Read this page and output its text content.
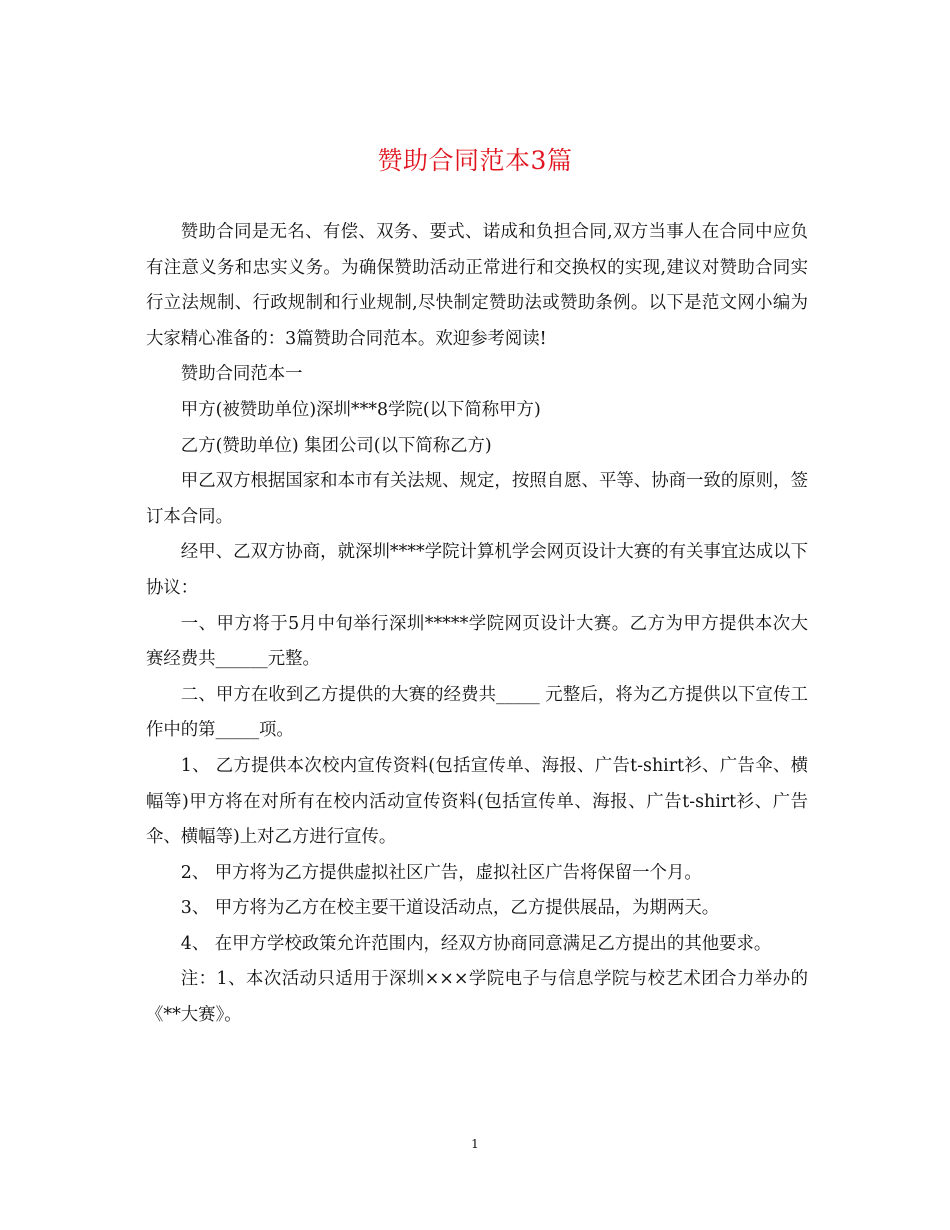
赞助合同范本3篇

赞助合同是无名、有偿、双务、要式、诺成和负担合同,双方当事人在合同中应负有注意义务和忠实义务。为确保赞助活动正常进行和交换权的实现,建议对赞助合同实行立法规制、行政规制和行业规制,尽快制定赞助法或赞助条例。以下是范文网小编为大家精心准备的：3篇赞助合同范本。欢迎参考阅读!

赞助合同范本一

甲方(被赞助单位)深圳***8学院(以下简称甲方)

乙方(赞助单位) 集团公司(以下简称乙方)

甲乙双方根据国家和本市有关法规、规定，按照自愿、平等、协商一致的原则，签订本合同。

经甲、乙双方协商，就深圳****学院计算机学会网页设计大赛的有关事宜达成以下协议：

一、甲方将于5月中旬举行深圳*****学院网页设计大赛。乙方为甲方提供本次大赛经费共______元整。

二、甲方在收到乙方提供的大赛的经费共_____ 元整后，将为乙方提供以下宣传工作中的第_____项。

1、 乙方提供本次校内宣传资料(包括宣传单、海报、广告t-shirt衫、广告伞、横幅等)甲方将在对所有在校内活动宣传资料(包括宣传单、海报、广告t-shirt衫、广告伞、横幅等)上对乙方进行宣传。

2、 甲方将为乙方提供虚拟社区广告，虚拟社区广告将保留一个月。

3、 甲方将为乙方在校主要干道设活动点，乙方提供展品，为期两天。

4、 在甲方学校政策允许范围内，经双方协商同意满足乙方提出的其他要求。

注：1、本次活动只适用于深圳×××学院电子与信息学院与校艺术团合力举办的《**大赛》。

1
